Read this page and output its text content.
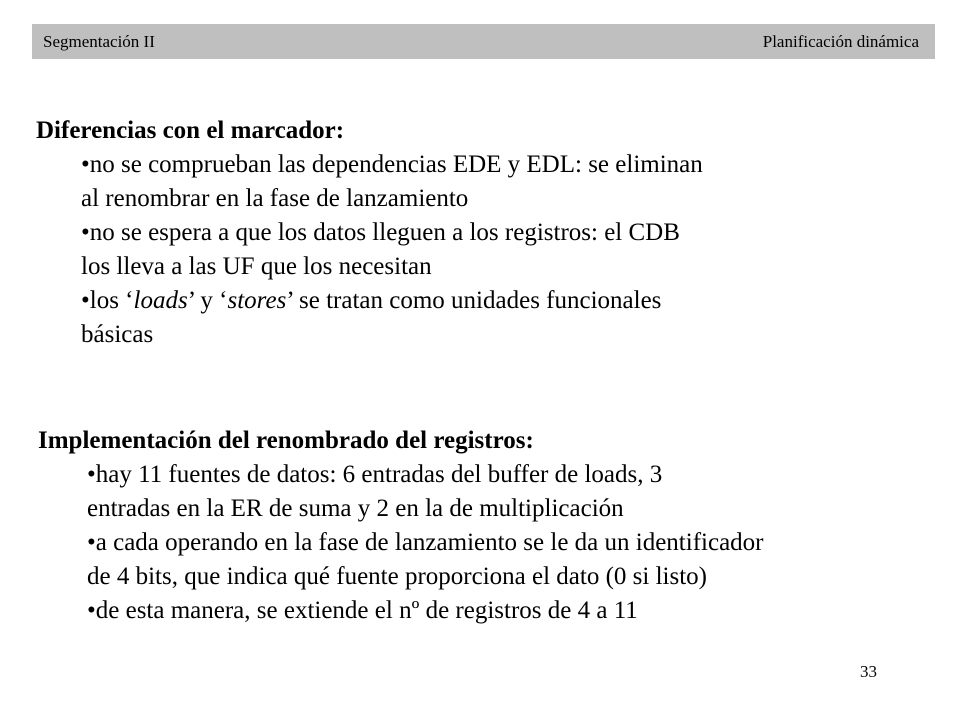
Segmentación II	Planificación dinámica
Diferencias con el marcador:
•no se comprueban las dependencias EDE y EDL: se eliminan
al renombrar en la fase de lanzamiento
•no se espera a que los datos lleguen a los registros: el CDB
los lleva a las UF que los necesitan
•los ‘loads’ y ‘stores’ se tratan como unidades funcionales
básicas
Implementación del renombrado del registros:
•hay 11 fuentes de datos: 6 entradas del buffer de loads, 3
entradas en la ER de suma y 2 en la de multiplicación
•a cada operando en la fase de lanzamiento se le da un identificador
de 4 bits, que indica qué fuente proporciona el dato (0 si listo)
•de esta manera, se extiende el nº de registros de 4 a 11
33
